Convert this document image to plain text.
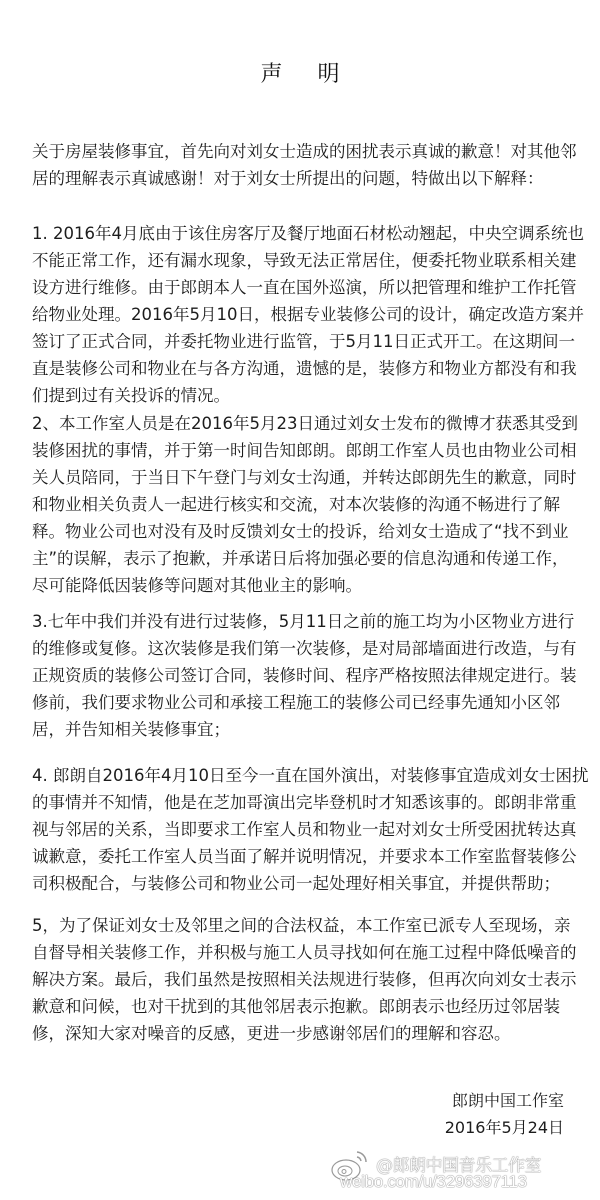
声 明
关于房屋装修事宜，首先向对刘女士造成的困扰表示真诚的歉意！对其他邻
居的理解表示真诚感谢！对于刘女士所提出的问题，特做出以下解释：
1. 2016年4月底由于该住房客厅及餐厅地面石材松动翘起，中央空调系统也
不能正常工作，还有漏水现象，导致无法正常居住，便委托物业联系相关建
设方进行维修。由于郎朗本人一直在国外巡演，所以把管理和维护工作托管
给物业处理。2016年5月10日，根据专业装修公司的设计，确定改造方案并
签订了正式合同，并委托物业进行监管，于5月11日正式开工。在这期间一
直是装修公司和物业在与各方沟通，遗憾的是，装修方和物业方都没有和我
们提到过有关投诉的情况。
2、本工作室人员是在2016年5月23日通过刘女士发布的微博才获悉其受到
装修困扰的事情，并于第一时间告知郎朗。郎朗工作室人员也由物业公司相
关人员陪同，于当日下午登门与刘女士沟通，并转达郎朗先生的歉意，同时
和物业相关负责人一起进行核实和交流，对本次装修的沟通不畅进行了解
释。物业公司也对没有及时反馈刘女士的投诉，给刘女士造成了“找不到业
主”的误解，表示了抱歉，并承诺日后将加强必要的信息沟通和传递工作，
尽可能降低因装修等问题对其他业主的影响。
3.七年中我们并没有进行过装修，5月11日之前的施工均为小区物业方进行
的维修或复修。这次装修是我们第一次装修，是对局部墙面进行改造，与有
正规资质的装修公司签订合同，装修时间、程序严格按照法律规定进行。装
修前，我们要求物业公司和承接工程施工的装修公司已经事先通知小区邻
居，并告知相关装修事宜；
4. 郎朗自2016年4月10日至今一直在国外演出，对装修事宜造成刘女士困扰
的事情并不知情，他是在芝加哥演出完毕登机时才知悉该事的。郎朗非常重
视与邻居的关系，当即要求工作室人员和物业一起对刘女士所受困扰转达真
诚歉意，委托工作室人员当面了解并说明情况，并要求本工作室监督装修公
司积极配合，与装修公司和物业公司一起处理好相关事宜，并提供帮助；
5，为了保证刘女士及邻里之间的合法权益，本工作室已派专人至现场，亲
自督导相关装修工作，并积极与施工人员寻找如何在施工过程中降低噪音的
解决方案。最后，我们虽然是按照相关法规进行装修，但再次向刘女士表示
歉意和问候，也对干扰到的其他邻居表示抱歉。郎朗表示也经历过邻居装
修，深知大家对噪音的反感，更进一步感谢邻居们的理解和容忍。
郎朗中国工作室
2016年5月24日
@郎朗中国音乐工作室
weibo.com/u/3296397113
